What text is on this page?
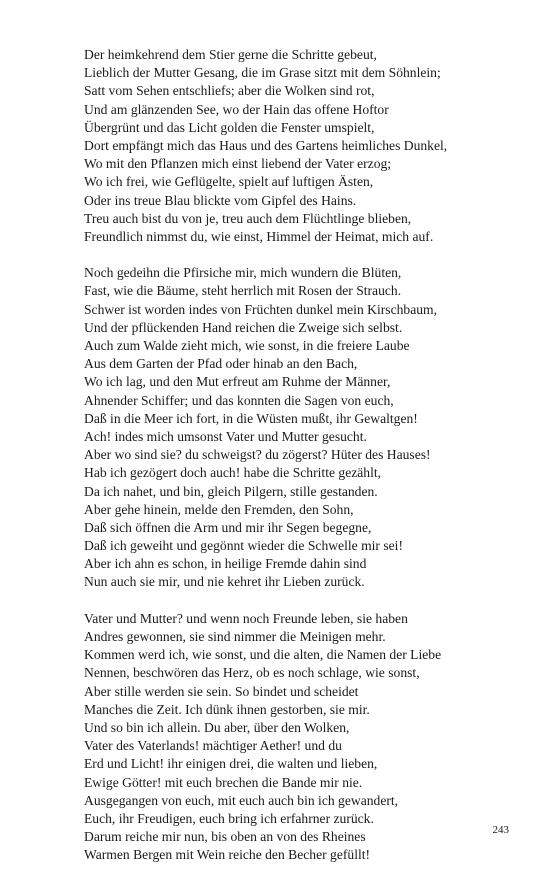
Der heimkehrend dem Stier gerne die Schritte gebeut,
Lieblich der Mutter Gesang, die im Grase sitzt mit dem Söhnlein;
Satt vom Sehen entschliefs; aber die Wolken sind rot,
Und am glänzenden See, wo der Hain das offene Hoftor
Übergrünt und das Licht golden die Fenster umspielt,
Dort empfängt mich das Haus und des Gartens heimliches Dunkel,
Wo mit den Pflanzen mich einst liebend der Vater erzog;
Wo ich frei, wie Geflügelte, spielt auf luftigen Ästen,
Oder ins treue Blau blickte vom Gipfel des Hains.
Treu auch bist du von je, treu auch dem Flüchtlinge blieben,
Freundlich nimmst du, wie einst, Himmel der Heimat, mich auf.
Noch gedeihn die Pfirsiche mir, mich wundern die Blüten,
Fast, wie die Bäume, steht herrlich mit Rosen der Strauch.
Schwer ist worden indes von Früchten dunkel mein Kirschbaum,
Und der pflückenden Hand reichen die Zweige sich selbst.
Auch zum Walde zieht mich, wie sonst, in die freiere Laube
Aus dem Garten der Pfad oder hinab an den Bach,
Wo ich lag, und den Mut erfreut am Ruhme der Männer,
Ahnender Schiffer; und das konnten die Sagen von euch,
Daß in die Meer ich fort, in die Wüsten mußt, ihr Gewaltgen!
Ach! indes mich umsonst Vater und Mutter gesucht.
Aber wo sind sie? du schweigst? du zögerst? Hüter des Hauses!
Hab ich gezögert doch auch! habe die Schritte gezählt,
Da ich nahet, und bin, gleich Pilgern, stille gestanden.
Aber gehe hinein, melde den Fremden, den Sohn,
Daß sich öffnen die Arm und mir ihr Segen begegne,
Daß ich geweiht und gegönnt wieder die Schwelle mir sei!
Aber ich ahn es schon, in heilige Fremde dahin sind
Nun auch sie mir, und nie kehret ihr Lieben zurück.
Vater und Mutter? und wenn noch Freunde leben, sie haben
Andres gewonnen, sie sind nimmer die Meinigen mehr.
Kommen werd ich, wie sonst, und die alten, die Namen der Liebe
Nennen, beschwören das Herz, ob es noch schlage, wie sonst,
Aber stille werden sie sein. So bindet und scheidet
Manches die Zeit. Ich dünk ihnen gestorben, sie mir.
Und so bin ich allein. Du aber, über den Wolken,
Vater des Vaterlands! mächtiger Aether! und du
Erd und Licht! ihr einigen drei, die walten und lieben,
Ewige Götter! mit euch brechen die Bande mir nie.
Ausgegangen von euch, mit euch auch bin ich gewandert,
Euch, ihr Freudigen, euch bring ich erfahrner zurück.
Darum reiche mir nun, bis oben an von des Rheines
Warmen Bergen mit Wein reiche den Becher gefüllt!
243
